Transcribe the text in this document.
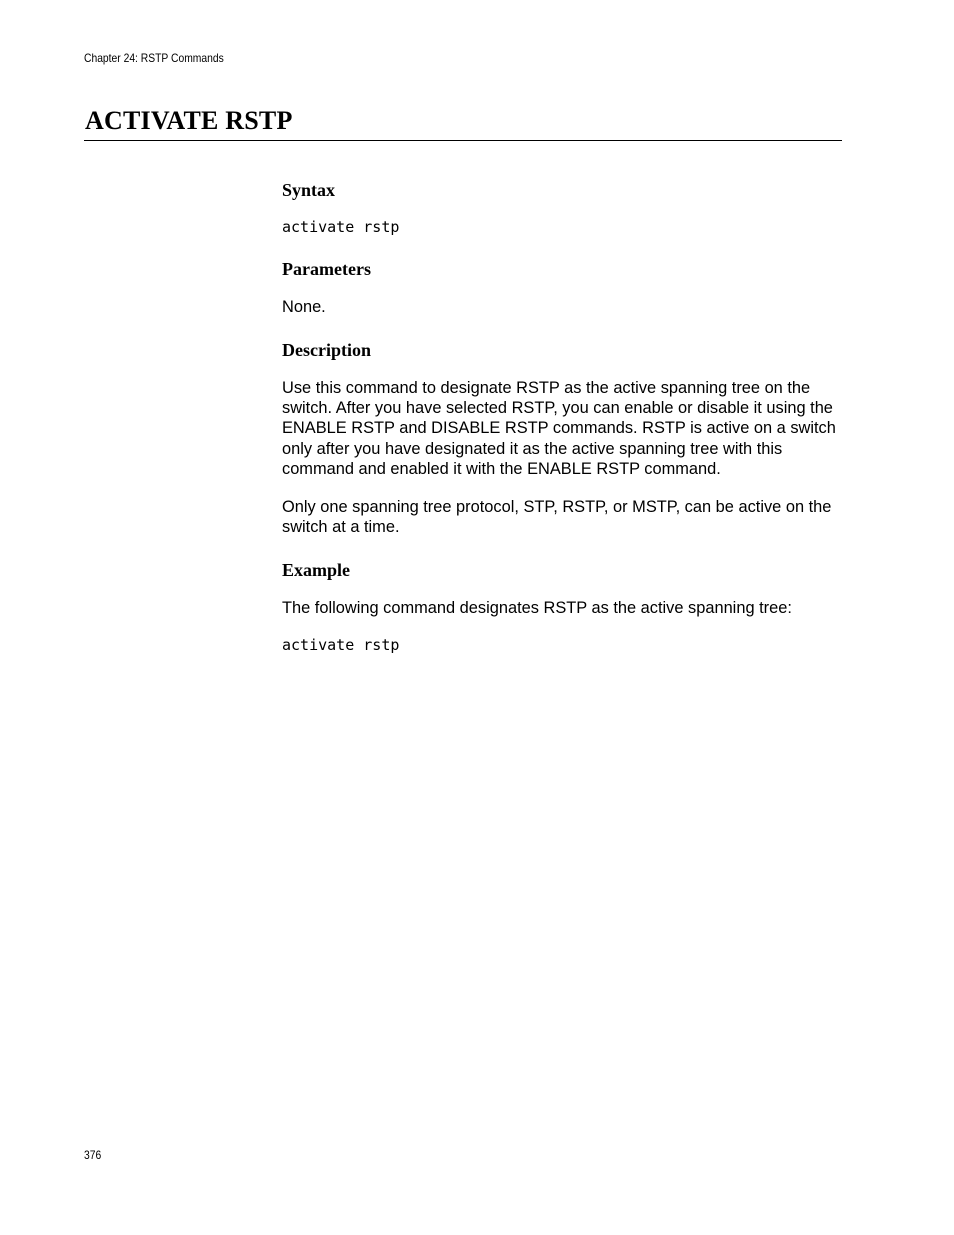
Chapter 24: RSTP Commands
ACTIVATE RSTP
Syntax
activate rstp
Parameters

None.

Description

Use this command to designate RSTP as the active spanning tree on the switch. After you have selected RSTP, you can enable or disable it using the ENABLE RSTP and DISABLE RSTP commands. RSTP is active on a switch only after you have designated it as the active spanning tree with this command and enabled it with the ENABLE RSTP command.

Only one spanning tree protocol, STP, RSTP, or MSTP, can be active on the switch at a time.

Example

The following command designates RSTP as the active spanning tree:

activate rstp
376
